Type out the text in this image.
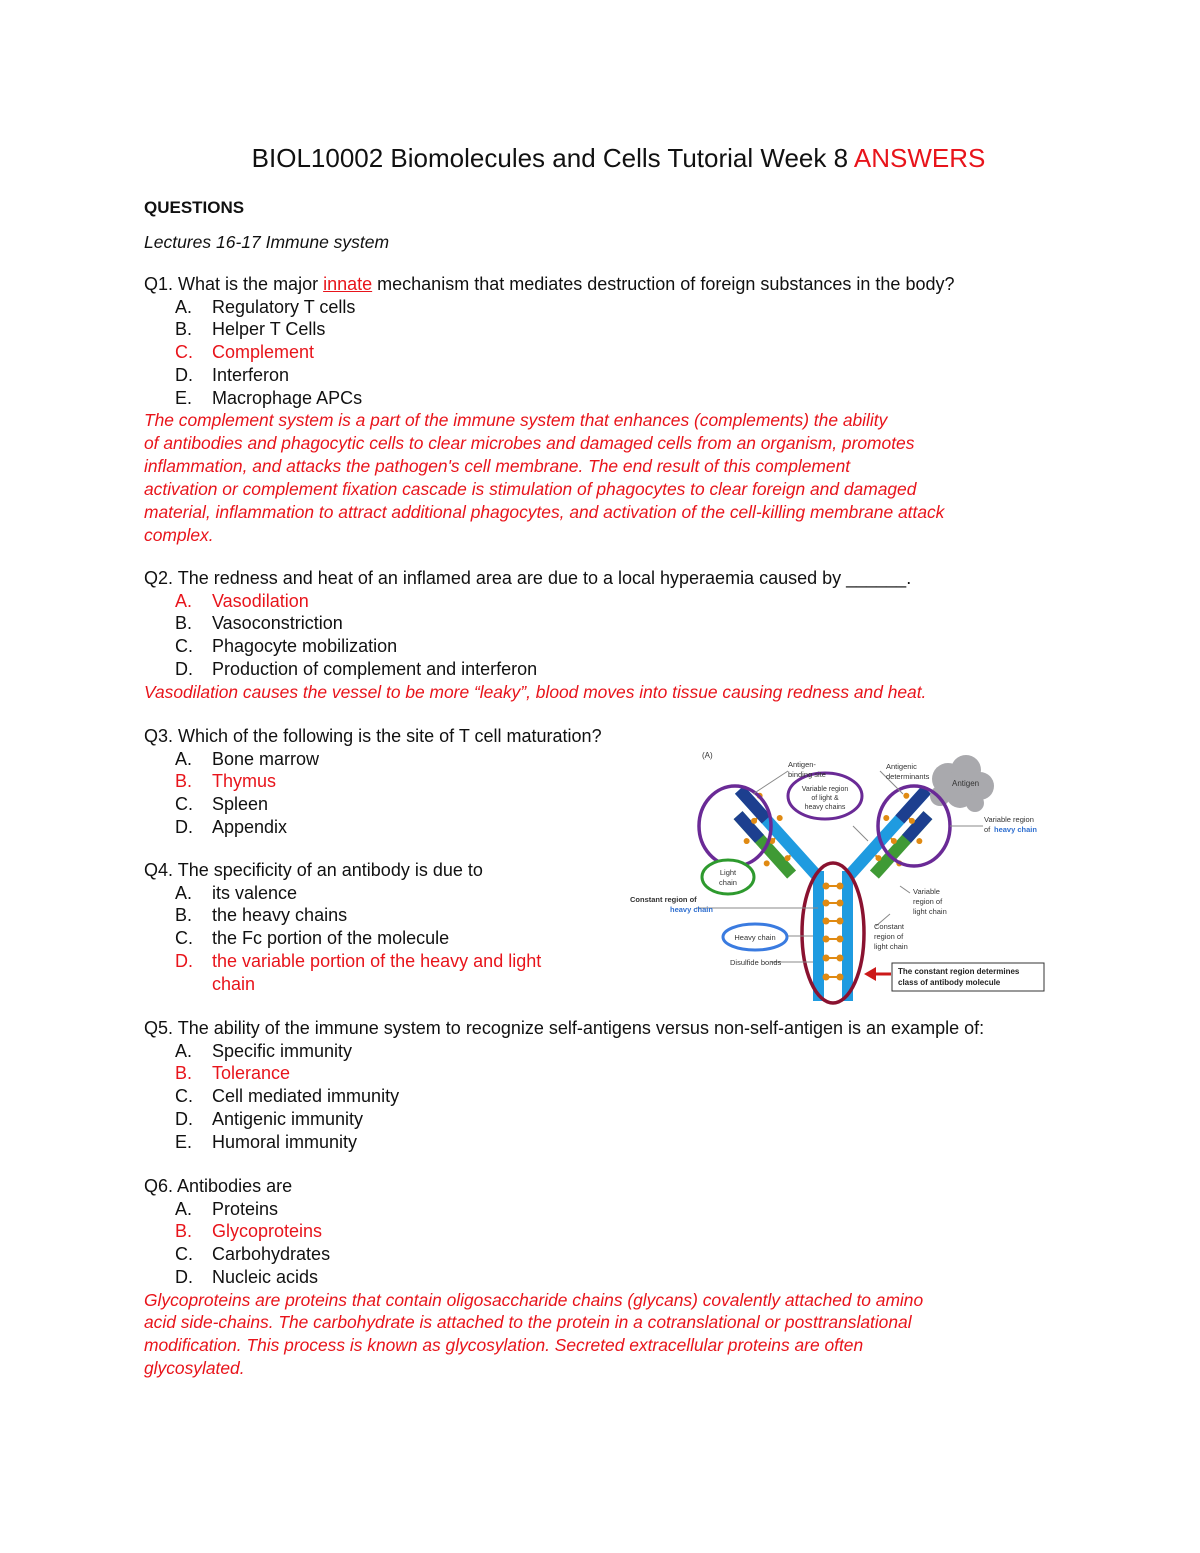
BIOL10002 Biomolecules and Cells Tutorial Week 8 ANSWERS
QUESTIONS
Lectures 16-17 Immune system
Q1. What is the major innate mechanism that mediates destruction of foreign substances in the body?
A. Regulatory T cells
B. Helper T Cells
C. Complement
D. Interferon
E. Macrophage APCs
The complement system is a part of the immune system that enhances (complements) the ability
of antibodies and phagocytic cells to clear microbes and damaged cells from an organism, promotes
inflammation, and attacks the pathogen's cell membrane. The end result of this complement
activation or complement fixation cascade is stimulation of phagocytes to clear foreign and damaged
material, inflammation to attract additional phagocytes, and activation of the cell-killing membrane attack
complex.
Q2. The redness and heat of an inflamed area are due to a local hyperaemia caused by ______.
A. Vasodilation
B. Vasoconstriction
C. Phagocyte mobilization
D. Production of complement and interferon
Vasodilation causes the vessel to be more “leaky”, blood moves into tissue causing redness and heat.
Q3. Which of the following is the site of T cell maturation?
A. Bone marrow
B. Thymus
C. Spleen
D. Appendix
Q4. The specificity of an antibody is due to
A. its valence
B. the heavy chains
C. the Fc portion of the molecule
D. the variable portion of the heavy and light
chain
Q5. The ability of the immune system to recognize self-antigens versus non-self-antigen is an example of:
A. Specific immunity
B. Tolerance
C. Cell mediated immunity
D. Antigenic immunity
E. Humoral immunity
Q6. Antibodies are
A. Proteins
B. Glycoproteins
C. Carbohydrates
D. Nucleic acids
Glycoproteins are proteins that contain oligosaccharide chains (glycans) covalently attached to amino
acid side-chains. The carbohydrate is attached to the protein in a cotranslational or posttranslational
modification. This process is known as glycosylation. Secreted extracellular proteins are often
glycosylated.
Antigen
The constant region determines
class of antibody molecule
(A)
Antigen-
binding site
Antigenic
determinants
Variable region
of light &
heavy chains
Variable region
of heavy chain
Light
chain
Constant region of
heavy chain
Variable
region of
light chain
Constant
region of
light chain
Heavy chain
Disulfide bonds
